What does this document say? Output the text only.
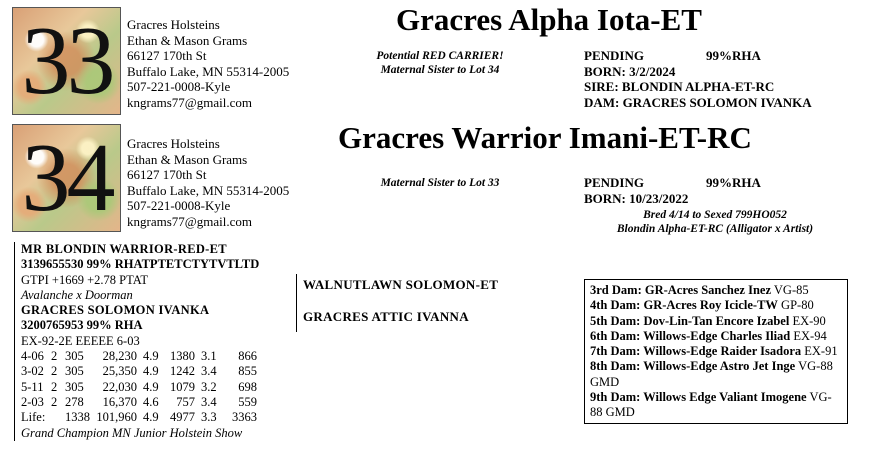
33	Gracres Holsteins
Ethan & Mason Grams
66127 170th St
Buffalo Lake, MN 55314-2005
507-221-0008-Kyle
kngrams77@gmail.com
Gracres Alpha Iota-ET
Potential RED CARRIER!
Maternal Sister to Lot 34
PENDING	99%RHA
BORN: 3/2/2024
SIRE: BLONDIN ALPHA-ET-RC
DAM: GRACRES SOLOMON IVANKA
34	Gracres Holsteins
Ethan & Mason Grams
66127 170th St
Buffalo Lake, MN 55314-2005
507-221-0008-Kyle
kngrams77@gmail.com
Gracres Warrior Imani-ET-RC
Maternal Sister to Lot 33	PENDING	99%RHA
BORN: 10/23/2022
Bred 4/14 to Sexed 799HO052
Blondin Alpha-ET-RC (Alligator x Artist)
MR BLONDIN WARRIOR-RED-ET
3139655530 99% RHATPTETCTYTVTLTD
GTPI +1669 +2.78 PTAT
Avalanche x Doorman
GRACRES SOLOMON IVANKA
3200765953 99% RHA
EX-92-2E EEEEE 6-03
4-06	2	305	28,230	4.9	1380	3.1	866
3-02	2	305	25,350	4.9	1242	3.4	855
5-11	2	305	22,030	4.9	1079	3.2	698
2-03	2	278	16,370	4.6	757	3.4	559
Life:		1338	101,960	4.9	4977	3.3	3363
Grand Champion MN Junior Holstein Show
WALNUTLAWN SOLOMON-ET
GRACRES ATTIC IVANNA
3rd Dam: GR-Acres Sanchez Inez VG-85
4th Dam: GR-Acres Roy Icicle-TW GP-80
5th Dam: Dov-Lin-Tan Encore Izabel EX-90
6th Dam: Willows-Edge Charles Iliad EX-94
7th Dam: Willows-Edge Raider Isadora EX-91
8th Dam: Willows-Edge Astro Jet Inge VG-88 GMD
9th Dam: Willows Edge Valiant Imogene VG-88 GMD
